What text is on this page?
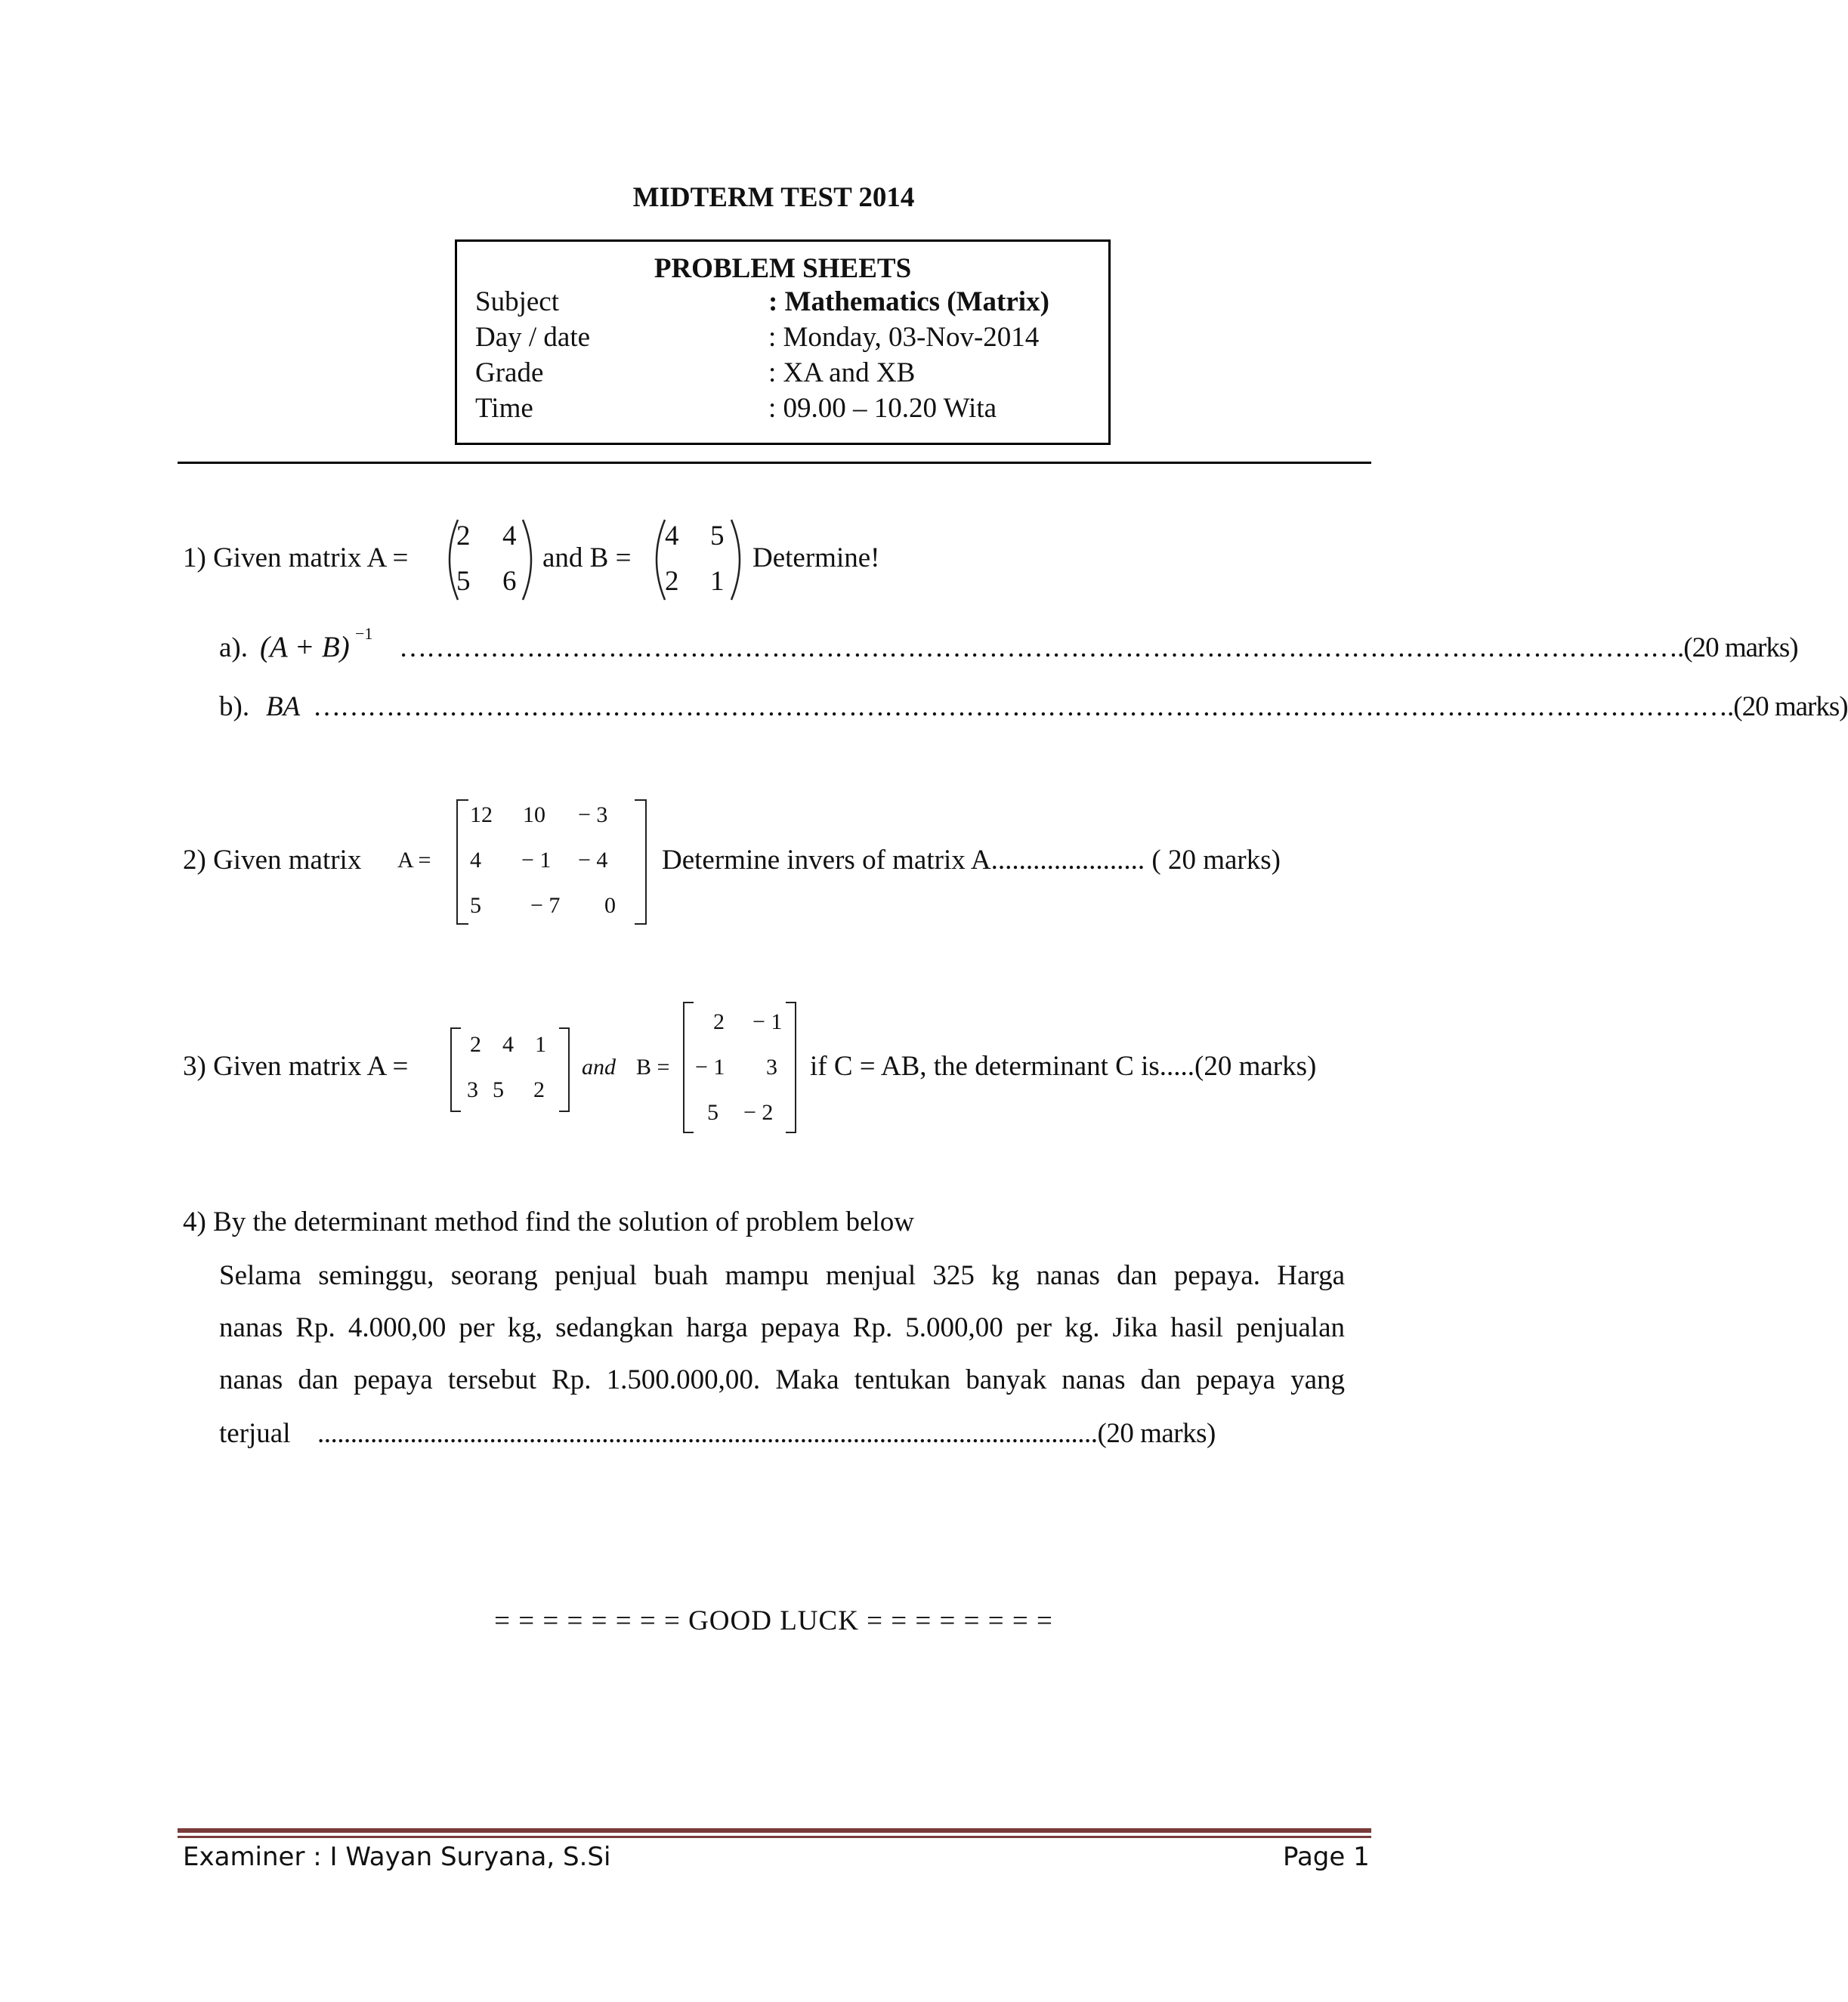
MIDTERM TEST 2014
PROBLEM SHEETS
Subject	: Mathematics (Matrix)
Day / date	: Monday, 03-Nov-2014
Grade	: XA and XB
Time	: 09.00 – 10.20 Wita
1) Given matrix A =
2 4
5 6
and B =
4 5
2 1
Determine!
a). (A + B) −1 …………………………………………………………………………………………………………………………….(20 marks)
b). BA ………………………………………………………………………………………………………………………………………….(20 marks)
2) Given matrix A =
12 10 − 3
4 − 1 − 4
5 − 7 0
Determine invers of matrix A...................... ( 20 marks)
3) Given matrix A =
2 4 1
3 5 2
and B =
2 − 1
− 1 3
5 − 2
if C = AB, the determinant C is.....(20 marks)
4) By the determinant method find the solution of problem below
Selama seminggu, seorang penjual buah mampu menjual 325 kg nanas dan pepaya. Harga
nanas Rp. 4.000,00 per kg, sedangkan harga pepaya Rp. 5.000,00 per kg. Jika hasil penjualan
nanas dan pepaya tersebut Rp. 1.500.000,00. Maka tentukan banyak nanas dan pepaya yang
terjual ......................................................................................................................(20 marks)
= = = = = = = = GOOD LUCK = = = = = = = =
Examiner : I Wayan Suryana, S.Si	Page 1
